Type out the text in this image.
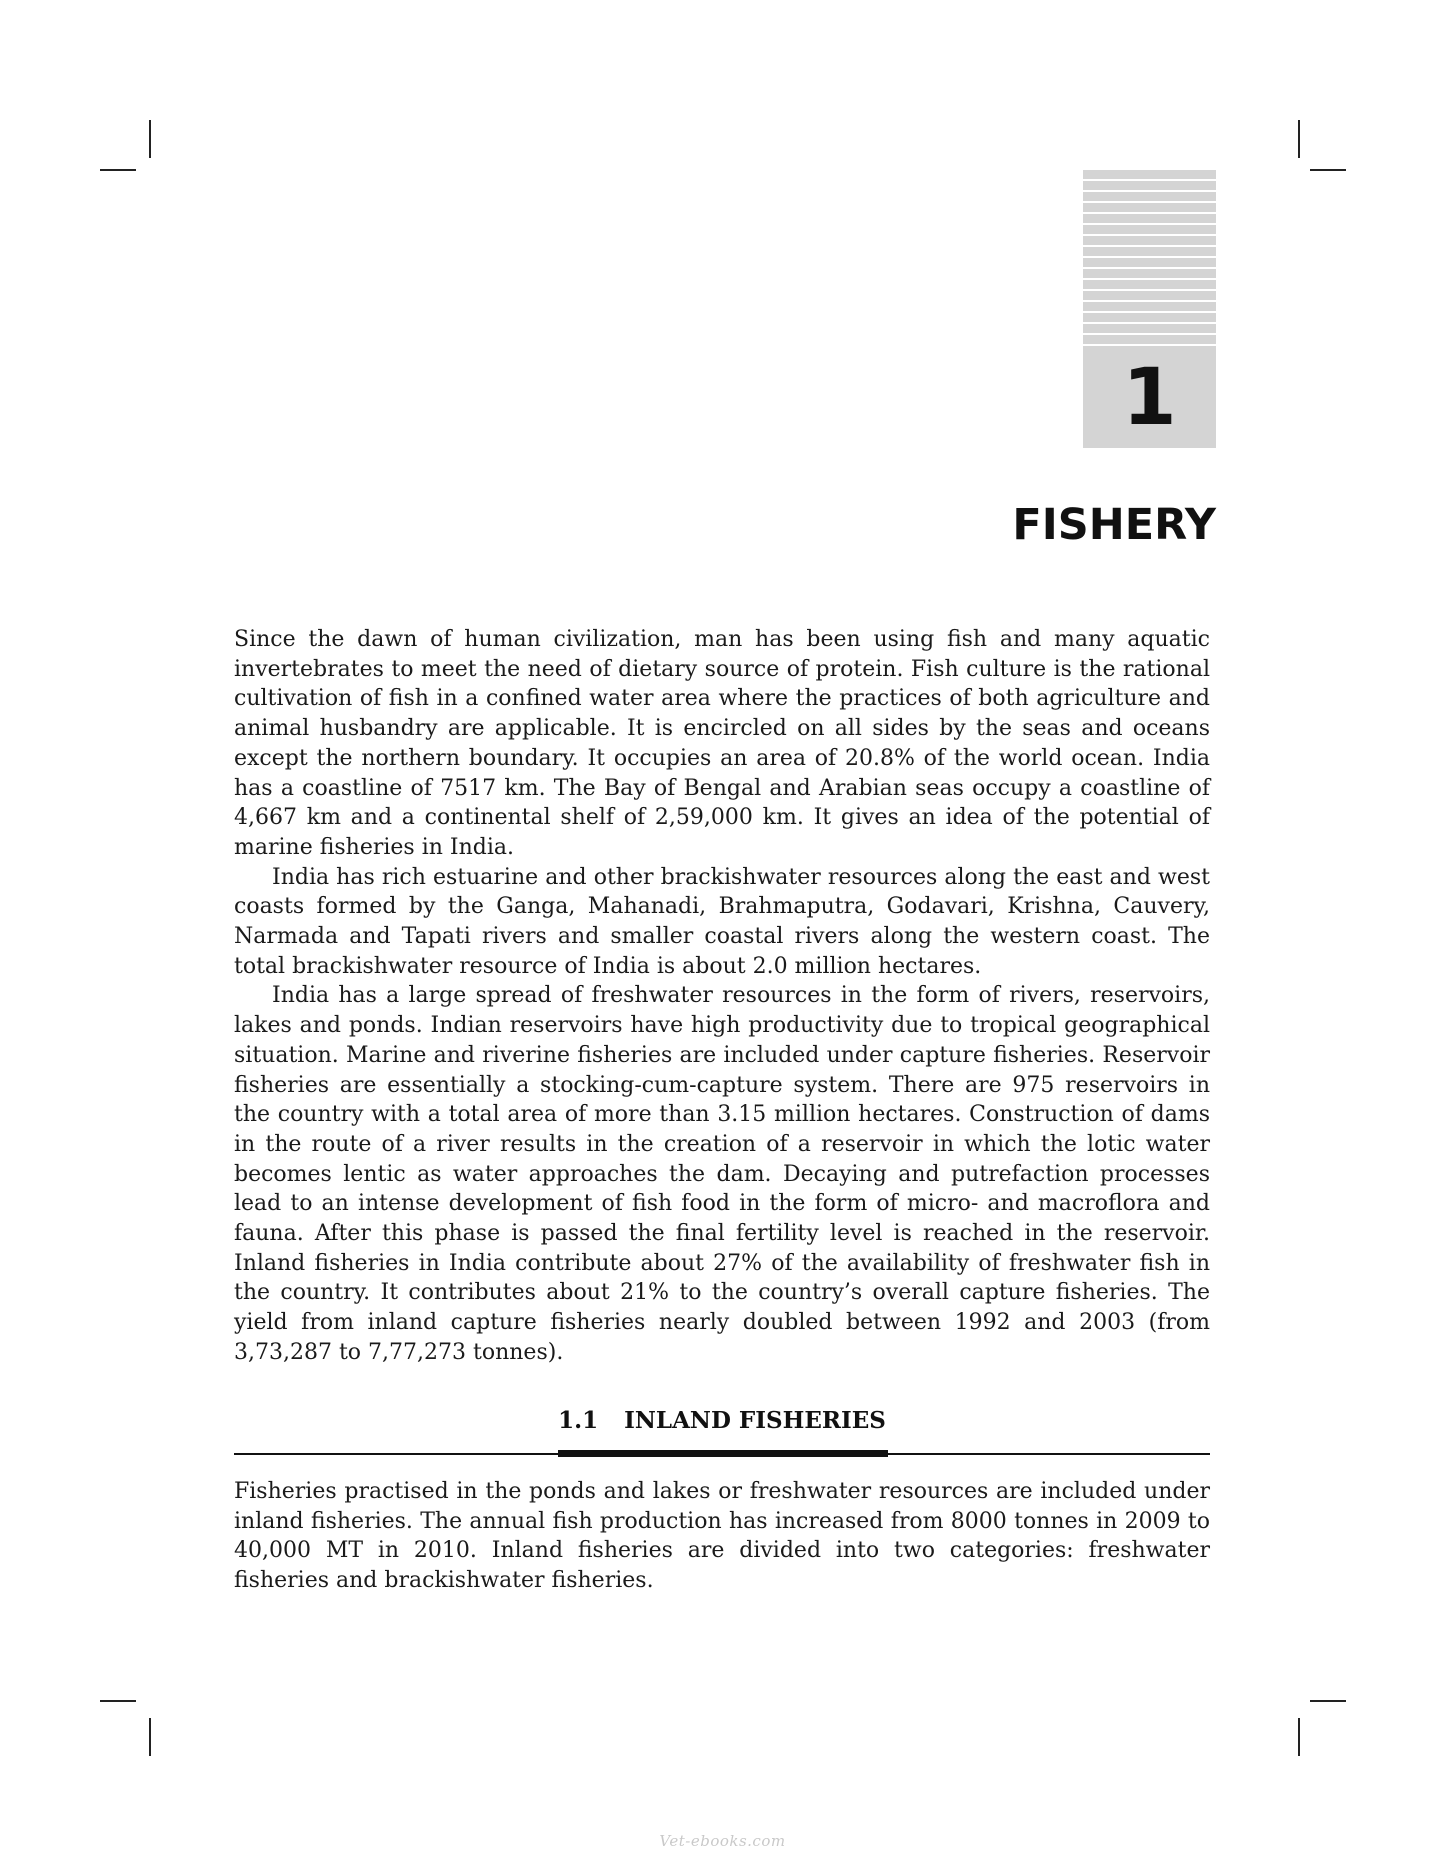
1
FISHERY

Since the dawn of human civilization, man has been using fish and many aquatic invertebrates to meet the need of dietary source of protein. Fish culture is the rational cultivation of fish in a confined water area where the practices of both agriculture and animal husbandry are applicable. It is encircled on all sides by the seas and oceans except the northern boundary. It occupies an area of 20.8% of the world ocean. India has a coastline of 7517 km. The Bay of Bengal and Arabian seas occupy a coastline of 4,667 km and a continental shelf of 2,59,000 km. It gives an idea of the potential of marine fisheries in India.

India has rich estuarine and other brackishwater resources along the east and west coasts formed by the Ganga, Mahanadi, Brahmaputra, Godavari, Krishna, Cauvery, Narmada and Tapati rivers and smaller coastal rivers along the western coast. The total brackishwater resource of India is about 2.0 million hectares.

India has a large spread of freshwater resources in the form of rivers, reservoirs, lakes and ponds. Indian reservoirs have high productivity due to tropical geographical situation. Marine and riverine fisheries are included under capture fisheries. Reservoir fisheries are essentially a stocking-cum-capture system. There are 975 reservoirs in the country with a total area of more than 3.15 million hectares. Construction of dams in the route of a river results in the creation of a reservoir in which the lotic water becomes lentic as water approaches the dam. Decaying and putrefaction processes lead to an intense development of fish food in the form of micro- and macroflora and fauna. After this phase is passed the final fertility level is reached in the reservoir. Inland fisheries in India contribute about 27% of the availability of freshwater fish in the country. It contributes about 21% to the country’s overall capture fisheries. The yield from inland capture fisheries nearly doubled between 1992 and 2003 (from 3,73,287 to 7,77,273 tonnes).

1.1 INLAND FISHERIES

Fisheries practised in the ponds and lakes or freshwater resources are included under inland fisheries. The annual fish production has increased from 8000 tonnes in 2009 to 40,000 MT in 2010. Inland fisheries are divided into two categories: freshwater fisheries and brackishwater fisheries.

Vet-ebooks.com
